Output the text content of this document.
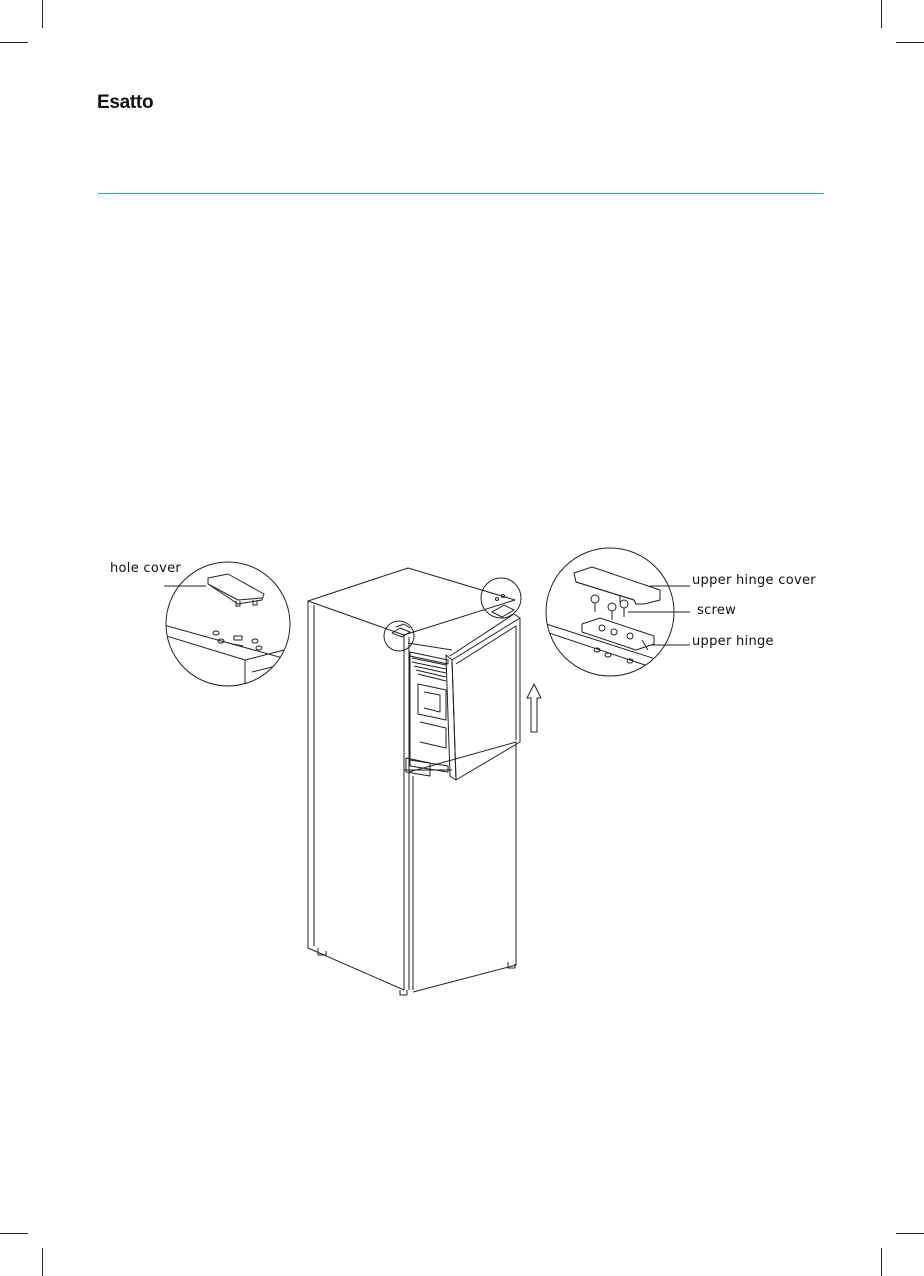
Esatto
hole cover
upper hinge cover
screw
upper hinge
